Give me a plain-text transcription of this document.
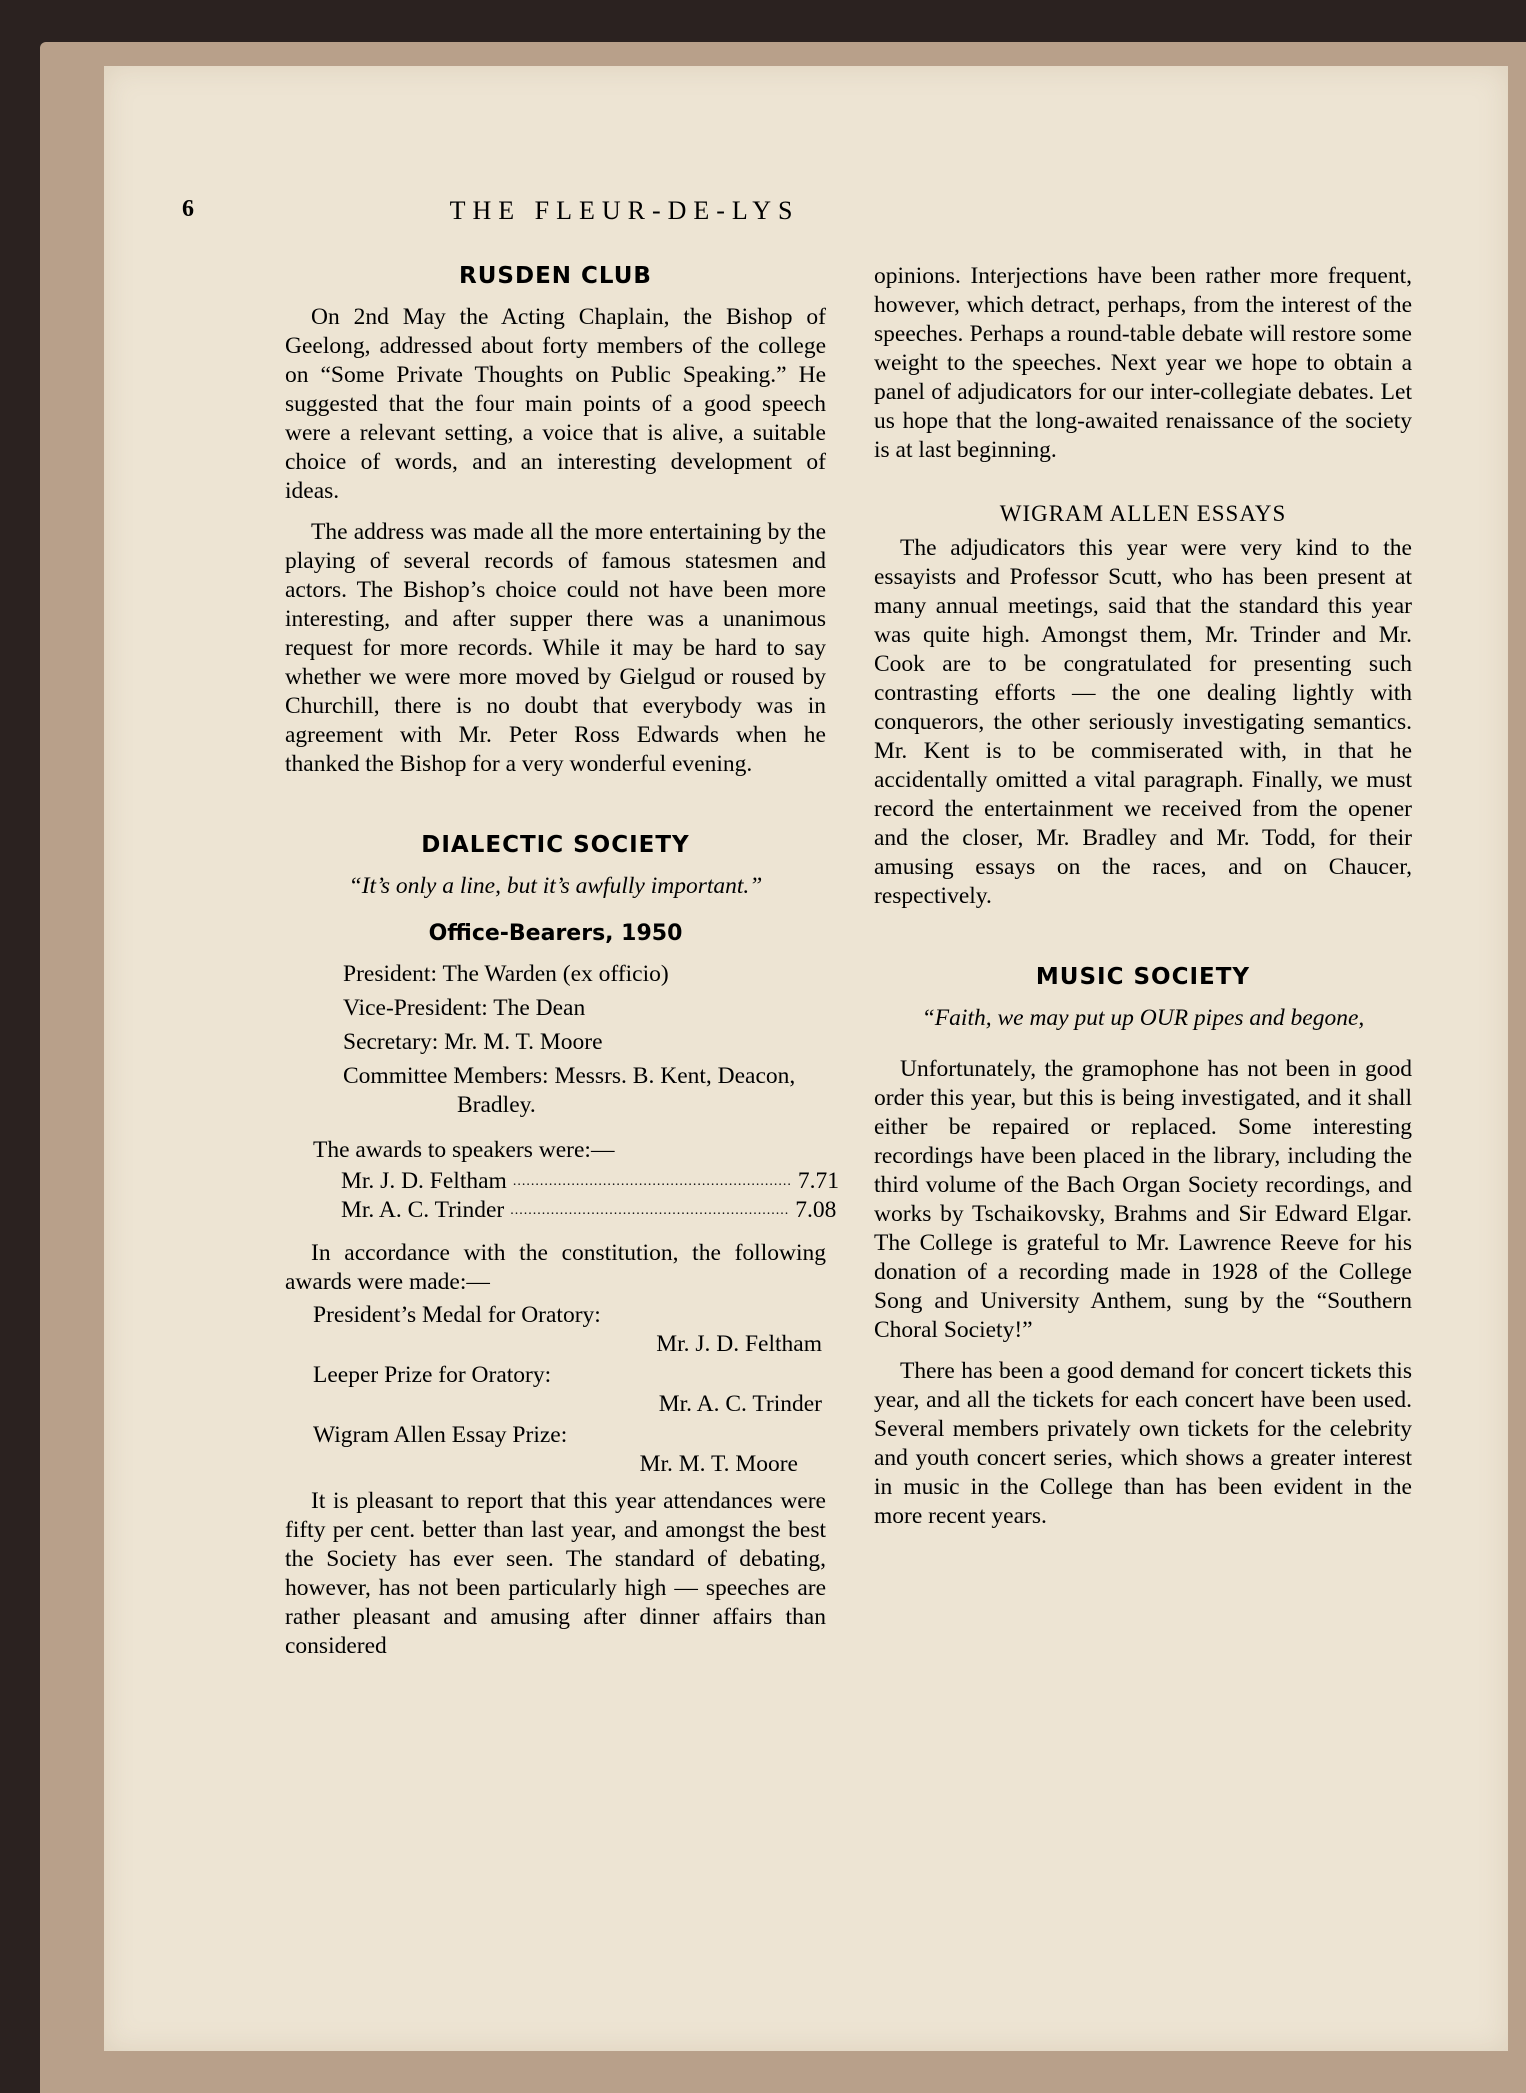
6	THE FLEUR-DE-LYS
RUSDEN CLUB

On 2nd May the Acting Chaplain, the Bishop of Geelong, addressed about forty members of the college on “Some Private Thoughts on Public Speaking.” He suggested that the four main points of a good speech were a relevant setting, a voice that is alive, a suitable choice of words, and an interesting development of ideas.

The address was made all the more entertaining by the playing of several records of famous statesmen and actors. The Bishop’s choice could not have been more interesting, and after supper there was a unanimous request for more records. While it may be hard to say whether we were more moved by Gielgud or roused by Churchill, there is no doubt that everybody was in agreement with Mr. Peter Ross Edwards when he thanked the Bishop for a very wonderful evening.

DIALECTIC SOCIETY
“It’s only a line, but it’s awfully important.”
Office-Bearers, 1950
President: The Warden (ex officio)
Vice-President: The Dean
Secretary: Mr. M. T. Moore
Committee Members: Messrs. B. Kent, Deacon, Bradley.
The awards to speakers were:—
Mr. J. D. Feltham .............................................................. 7.71
Mr. A. C. Trinder .............................................................. 7.08

In accordance with the constitution, the following awards were made:—

President’s Medal for Oratory:
Mr. J. D. Feltham
Leeper Prize for Oratory:
Mr. A. C. Trinder
Wigram Allen Essay Prize:
Mr. M. T. Moore

It is pleasant to report that this year attendances were fifty per cent. better than last year, and amongst the best the Society has ever seen. The standard of debating, however, has not been particularly high — speeches are rather pleasant and amusing after dinner affairs than considered

opinions. Interjections have been rather more frequent, however, which detract, perhaps, from the interest of the speeches. Perhaps a round-table debate will restore some weight to the speeches. Next year we hope to obtain a panel of adjudicators for our inter-collegiate debates. Let us hope that the long-awaited renaissance of the society is at last beginning.

WIGRAM ALLEN ESSAYS

The adjudicators this year were very kind to the essayists and Professor Scutt, who has been present at many annual meetings, said that the standard this year was quite high. Amongst them, Mr. Trinder and Mr. Cook are to be congratulated for presenting such contrasting efforts — the one dealing lightly with conquerors, the other seriously investigating semantics. Mr. Kent is to be commiserated with, in that he accidentally omitted a vital paragraph. Finally, we must record the entertainment we received from the opener and the closer, Mr. Bradley and Mr. Todd, for their amusing essays on the races, and on Chaucer, respectively.

MUSIC SOCIETY
“Faith, we may put up OUR pipes and begone,

Unfortunately, the gramophone has not been in good order this year, but this is being investigated, and it shall either be repaired or replaced. Some interesting recordings have been placed in the library, including the third volume of the Bach Organ Society recordings, and works by Tschaikovsky, Brahms and Sir Edward Elgar. The College is grateful to Mr. Lawrence Reeve for his donation of a recording made in 1928 of the College Song and University Anthem, sung by the “Southern Choral Society!”

There has been a good demand for concert tickets this year, and all the tickets for each concert have been used. Several members privately own tickets for the celebrity and youth concert series, which shows a greater interest in music in the College than has been evident in the more recent years.
